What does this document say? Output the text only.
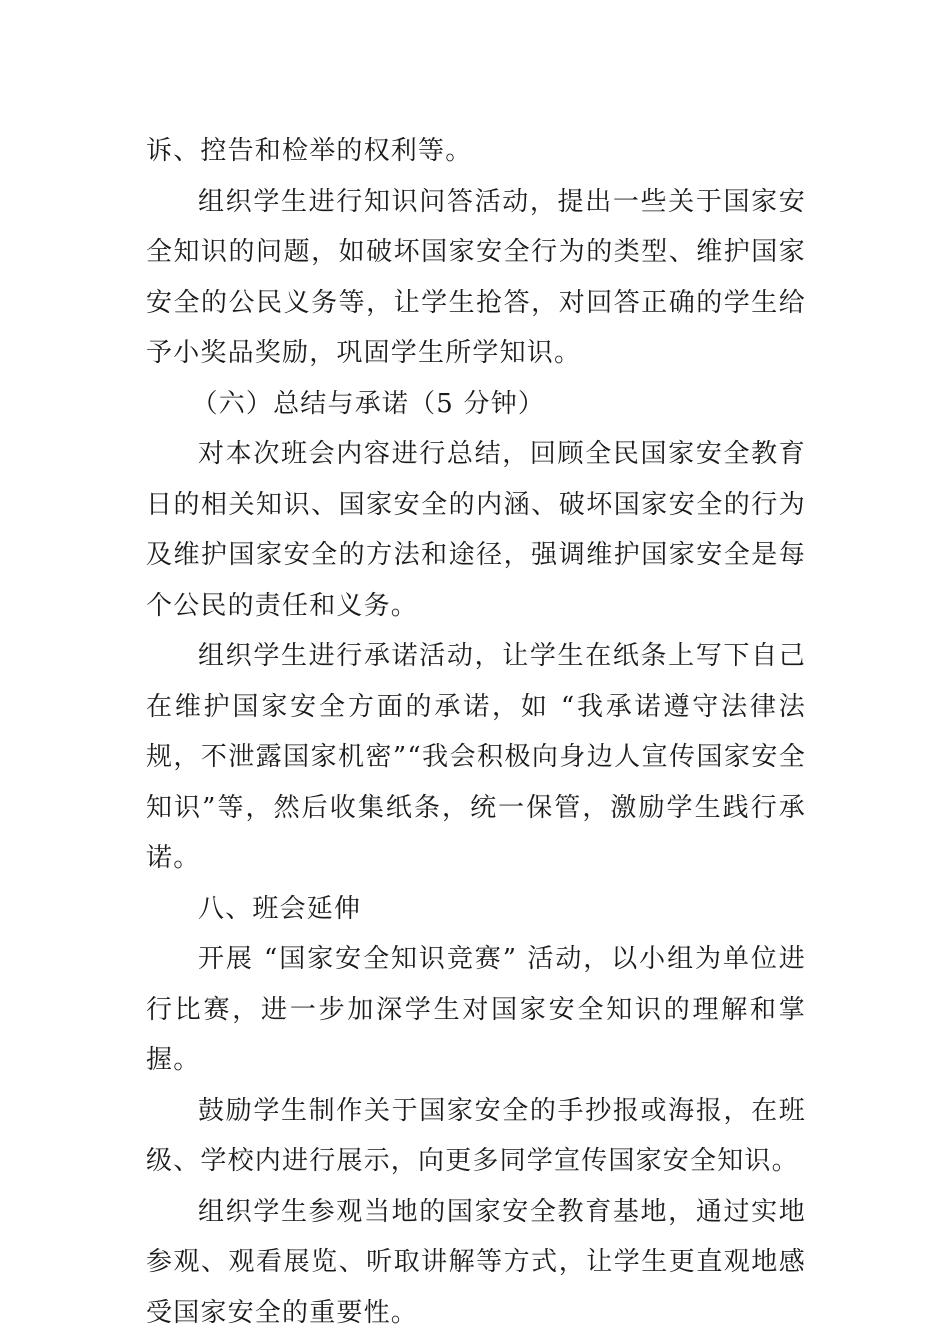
诉、控告和检举的权利等。

组织学生进行知识问答活动，提出一些关于国家安全知识的问题，如破坏国家安全行为的类型、维护国家安全的公民义务等，让学生抢答，对回答正确的学生给予小奖品奖励，巩固学生所学知识。

（六）总结与承诺（5 分钟）

对本次班会内容进行总结，回顾全民国家安全教育日的相关知识、国家安全的内涵、破坏国家安全的行为及维护国家安全的方法和途径，强调维护国家安全是每个公民的责任和义务。

组织学生进行承诺活动，让学生在纸条上写下自己在维护国家安全方面的承诺，如 “我承诺遵守法律法规，不泄露国家机密”“我会积极向身边人宣传国家安全知识”等，然后收集纸条，统一保管，激励学生践行承诺。

八、班会延伸

开展 “国家安全知识竞赛” 活动，以小组为单位进行比赛，进一步加深学生对国家安全知识的理解和掌握。

鼓励学生制作关于国家安全的手抄报或海报，在班级、学校内进行展示，向更多同学宣传国家安全知识。

组织学生参观当地的国家安全教育基地，通过实地参观、观看展览、听取讲解等方式，让学生更直观地感受国家安全的重要性。
